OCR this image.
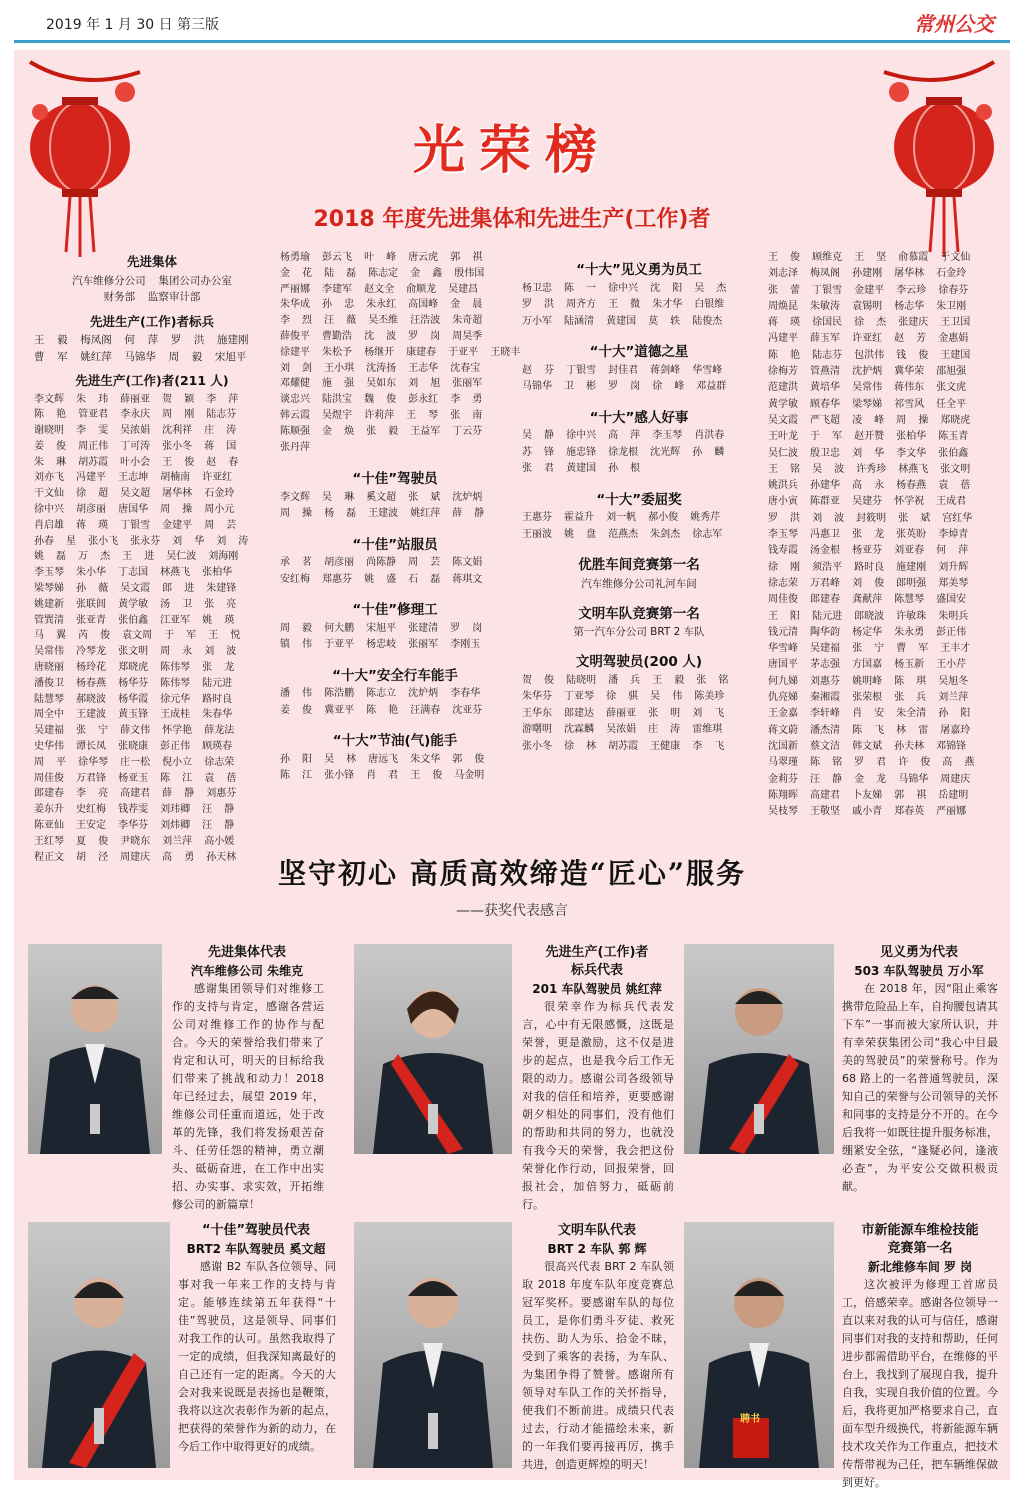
2019 年 1 月 30 日 第三版	常州公交
光荣榜
2018 年度先进集体和先进生产(工作)者
先进集体
汽车维修分公司  集团公司办公室
财务部  监察审计部
先进生产(工作)者标兵
王  毅  梅凤阁  何  萍  罗  洪  施建刚
曹  军  姚红萍  马锦华  周  毅  宋旭平
先进生产(工作)者(211 人)
李文辉  朱  玮  薛丽亚  贺  颖  李  萍
陈  艳  管亚君  李永庆  周  刚  陆志芬
谢晓明  李  雯  吴浓娟  沈利祥  庄  涛
姜  俊  周正伟  丁可涛  张小冬  蒋  国
朱  琳  胡苏霞  叶小会  王  俊  赵  春
刘亦飞  冯建平  王志坤  胡楠南  许亚红
干文仙  徐  超  吴文超  屠华林  石金玲
徐中兴  胡彦丽  唐国华  周  操  周小元
肖启雄  蒋  瑛  丁银雪  金建平  周  芸
孙春  星  张小飞  张永芬  刘  华  刘  涛
姚  磊  万  杰  王  进  吴仁波  刘海刚
李玉琴  朱小华  丁志国  林燕飞  张柏华
梁琴娣  孙  薇  吴文霞  郎  进  朱建锋
姚建新  张联闾  黄学敏  汤  卫  张  亮
管巽清  张亚青  张伯鑫  江亚军  姚  瑛
马  翼  芮  俊  袁文周  于  军  王  悦
吴常伟  冷琴龙  张文明  周  永  刘  波
唐晓丽  杨玲花  郑晓虎  陈伟琴  张  龙
潘俊卫  杨春燕  杨华芬  陈伟琴  陆元进
陆慧琴  郝晓波  杨华霞  徐元华  路时良
周全中  王建波  黄玉锋  王成桂  朱春华
吴建福  张  宁  薛文伟  怀学艳  薛龙法
史华伟  谭长凤  张晓康  彭正伟  顾瑛春
周  平  徐华琴  庄一松  倪小立  徐志荣
周佳俊  万君锋  杨亚玉  陈  江  袁  蓓
郎建春  李  亮  高建君  薛  静  刘惠芬
姜东升  史红梅  钱荐雯  刘玮卿  汪  静
陈亚仙  王安定  李华芬  刘炜卿  汪  静
王红琴  夏  俊  尹晓东  刘兰萍  高小媛
程正文  胡  泾  周建庆  高  勇  孙天林
杨勇瑜  彭云飞  叶  峰  唐云虎  郭  祺
金  花  陆  磊  陈志定  金  鑫  殷伟国
严丽娜  李建军  赵文全  俞顺龙  吴建昌
朱华成  孙  忠  朱永红  高国峰  金  晨
李  烈  汪  薇  吴丕维  汪浩波  朱奇超
薛俊平  曹勤浩  沈  波  罗  岗  周昊季
徐建平  朱松予  杨继开  康建春  于亚平  王晓丰
刘  剑  王小琪  沈涛扬  王志华  沈春宝
邓耀健  施  强  吴如东  刘  旭  张丽军
谈忠兴  陆洪宝  魏  俊  彭永红  李  勇
韩云霞  吴煜宇  许莉萍  王  琴  张  南
陈顺强  金  焕  张  毅  王益军  丁云芬
张丹萍
“十佳”驾驶员
李文辉  吴  琳  奚文超  张  斌  沈炉炳
周  操  杨  磊  王建波  姚红萍  薛  静
“十佳”站服员
承  茗  胡彦丽  尚陈静  周  芸  陈文娟
安红梅  郑惠芬  姚  盛  石  磊  蒋琪文
“十佳”修理工
周  毅  何大鹏  宋旭平  张建清  罗  岗
镇  伟  于亚平  杨忠岐  张丽军  李刚玉
“十大”安全行车能手
潘  伟  陈浩鹏  陈志立  沈炉炳  李春华
姜  俊  冀亚平  陈  艳  汪满春  沈亚芬
“十大”节油(气)能手
孙  阳  吴  林  唐远飞  朱文华  郭  俊
陈  江  张小锋  肖  君  王  俊  马金明
“十大”见义勇为员工
杨卫忠  陈  一  徐中兴  沈  阳  吴  杰
罗  洪  周齐方  王  微  朱才华  白银维
万小军  陆涵清  黄建国  莫  轶  陆俊杰
“十大”道德之星
赵  芬  丁银雪  封佳君  蒋剑峰  华雪峰
马锦华  卫  彬  罗  岗  徐  峰  邓益群
“十大”感人好事
吴  静  徐中兴  高  萍  李玉琴  肖洪春
苏  锋  施忠锋  徐龙根  沈光辉  孙  麟
张  君  黄建国  孙  根
“十大”委屈奖
王惠芬  霍益升  刘一帆  郝小俊  姚秀芹
王丽波  姚  盘  范燕杰  朱剑杰  徐志军
优胜车间竞赛第一名
汽车维修分公司礼河车间
文明车队竞赛第一名
第一汽车分公司 BRT 2 车队
文明驾驶员(200 人)
贺  俊  陆晓明  潘  兵  王  毅  张  铭
朱华芬  丁亚琴  徐  骐  吴  伟  陈美珍
王华东  郎建达  薛丽亚  张  明  刘  飞
游曙明  沈霖麟  吴浓娟  庄  涛  雷维琪
张小冬  徐  林  胡苏霞  王健康  李  飞
王  俊  顾维克  王  坚  俞慕霞  于文仙
刘志泽  梅凤阁  孙建刚  屠华林  石金玲
张  蕾  丁银雪  金建平  李云珍  徐春芬
周焕昆  朱敏涛  袁锡明  杨志华  朱卫刚
蒋  瑛  徐国民  徐  杰  张建庆  王卫国
冯建平  薛玉军  许亚红  赵  芳  金惠娟
陈  艳  陆志芬  包洪伟  钱  俊  王建国
徐梅芳  管燕清  沈护炳  冀华荣  邵旭强
范建洪  黄培华  吴常伟  蒋伟东  张文虎
黄学敏  顾春华  梁琴娣  祁雪风  任全平
吴文霞  严飞超  凌  峰  周  操  郑晓虎
王叶龙  于  军  赵开赞  张柏华  陈玉青
吴仁波  殷卫忠  刘  华  李文华  张伯鑫
王  铭  吴  波  许秀珍  林燕飞  张文明
姚洪兵  孙建华  高  永  杨春燕  袁  蓓
唐小寅  陈群亚  吴建芬  怀学祝  王成君
罗  洪  刘  波  封筱明  张  斌  宫红华
李玉琴  冯惠卫  张  龙  张英盼  李焯青
钱寿霞  汤金根  杨亚芬  刘亚春  何  萍
徐  刚  须浩平  路时良  施建刚  刘升辉
徐志荣  万君峰  刘  俊  郎明强  郑美琴
周佳俊  郎建春  龚献萍  陈慧琴  盛国安
王  阳  陆元进  郎晓波  许敏珠  朱明兵
钱元清  陶华韵  杨定华  朱永勇  彭正伟
华雪峰  吴建福  张  宁  曹  军  王丰才
唐国平  茅志强  方国嘉  杨玉新  王小芹
何九娣  刘惠芬  姚明峰  陈  琪  吴旭冬
仇亮娣  秦湘霞  张荣根  张  兵  刘兰萍
王金嘉  李轩峰  肖  安  朱全清  孙  阳
蒋文蔚  潘杰清  陈  飞  林  雷  屠嘉玲
沈国新  蔡文洁  韩文斌  孙夫林  邓锦锋
马翠瑾  陈  铭  罗  君  许  俊  高  燕
金莉芬  汪  静  金  龙  马锦华  周建庆
陈翔晖  高建君  卜友娣  郭  祺  岳建明
吴枝琴  王敬坚  戚小青  郑春英  严丽娜
坚守初心 高质高效缔造“匠心”服务
——获奖代表感言
先进集体代表
汽车维修公司 朱维克
感谢集团领导们对维修工作的支持与肯定，感谢各营运公司对维修工作的协作与配合。今天的荣誉给我们带来了肯定和认可，明天的目标给我们带来了挑战和动力！2018 年已经过去，展望 2019 年，维修公司任重而道远，处于改革的先锋，我们将发扬艰苦奋斗、任劳任怨的精神，勇立潮头、砥砺奋进，在工作中出实招、办实事、求实效，开拓维修公司的新篇章！
先进生产(工作)者
标兵代表
201 车队驾驶员 姚红萍
很荣幸作为标兵代表发言，心中有无限感慨，这既是荣誉，更是激励，这不仅是进步的起点，也是我今后工作无限的动力。感谢公司各级领导对我的信任和培养，更要感谢朝夕相处的同事们，没有他们的帮助和共同的努力，也就没有我今天的荣誉，我会把这份荣誉化作行动，回报荣誉，回报社会，加倍努力，砥砺前行。
见义勇为代表
503 车队驾驶员 万小军
在 2018 年，因“阻止乘客携带危险品上车，自拘腰包请其下车”一事而被大家所认识，并有幸荣获集团公司“我心中目最美的驾驶员”的荣誉称号。作为 68 路上的一名普通驾驶员，深知自己的荣誉与公司领导的关怀和同事的支持是分不开的。在今后我将一如既往提升服务标准，绷紧安全弦，“逢疑必问，逢液必查”，为平安公交做积极贡献。
“十佳”驾驶员代表
BRT2 车队驾驶员 奚文超
感谢 B2 车队各位领导、同事对我一年来工作的支持与肯定。能够连续第五年获得“十佳”驾驶员，这是领导、同事们对我工作的认可。虽然我取得了一定的成绩，但我深知离最好的自己还有一定的距离。今天的大会对我来说既是表扬也是鞭策，我将以这次表彰作为新的起点，把获得的荣誉作为新的动力，在今后工作中取得更好的成绩。
文明车队代表
BRT 2 车队 郭 辉
很高兴代表 BRT 2 车队领取 2018 年度车队年度竞赛总冠军奖杯。要感谢车队的每位员工，是你们勇斗歹徒、救死扶伤、助人为乐、拾金不昧，受到了乘客的表扬，为车队、为集团争得了赞誉。感谢所有领导对车队工作的关怀指导，使我们不断前进。成绩只代表过去，行动才能描绘未来，新的一年我们要再接再厉，携手共进，创造更辉煌的明天！
聘书
市新能源车维检技能
竞赛第一名
新北维修车间 罗 岗
这次被评为修理工首席员工，倍感荣幸。感谢各位领导一直以来对我的认可与信任，感谢同事们对我的支持和帮助，任何进步都需借助平台，在维修的平台上，我找到了展现自我，提升自我，实现自我价值的位置。今后，我将更加严格要求自己，直面车型升级换代，将新能源车辆技术攻关作为工作重点，把技术传帮带视为己任，把车辆维保做到更好。
